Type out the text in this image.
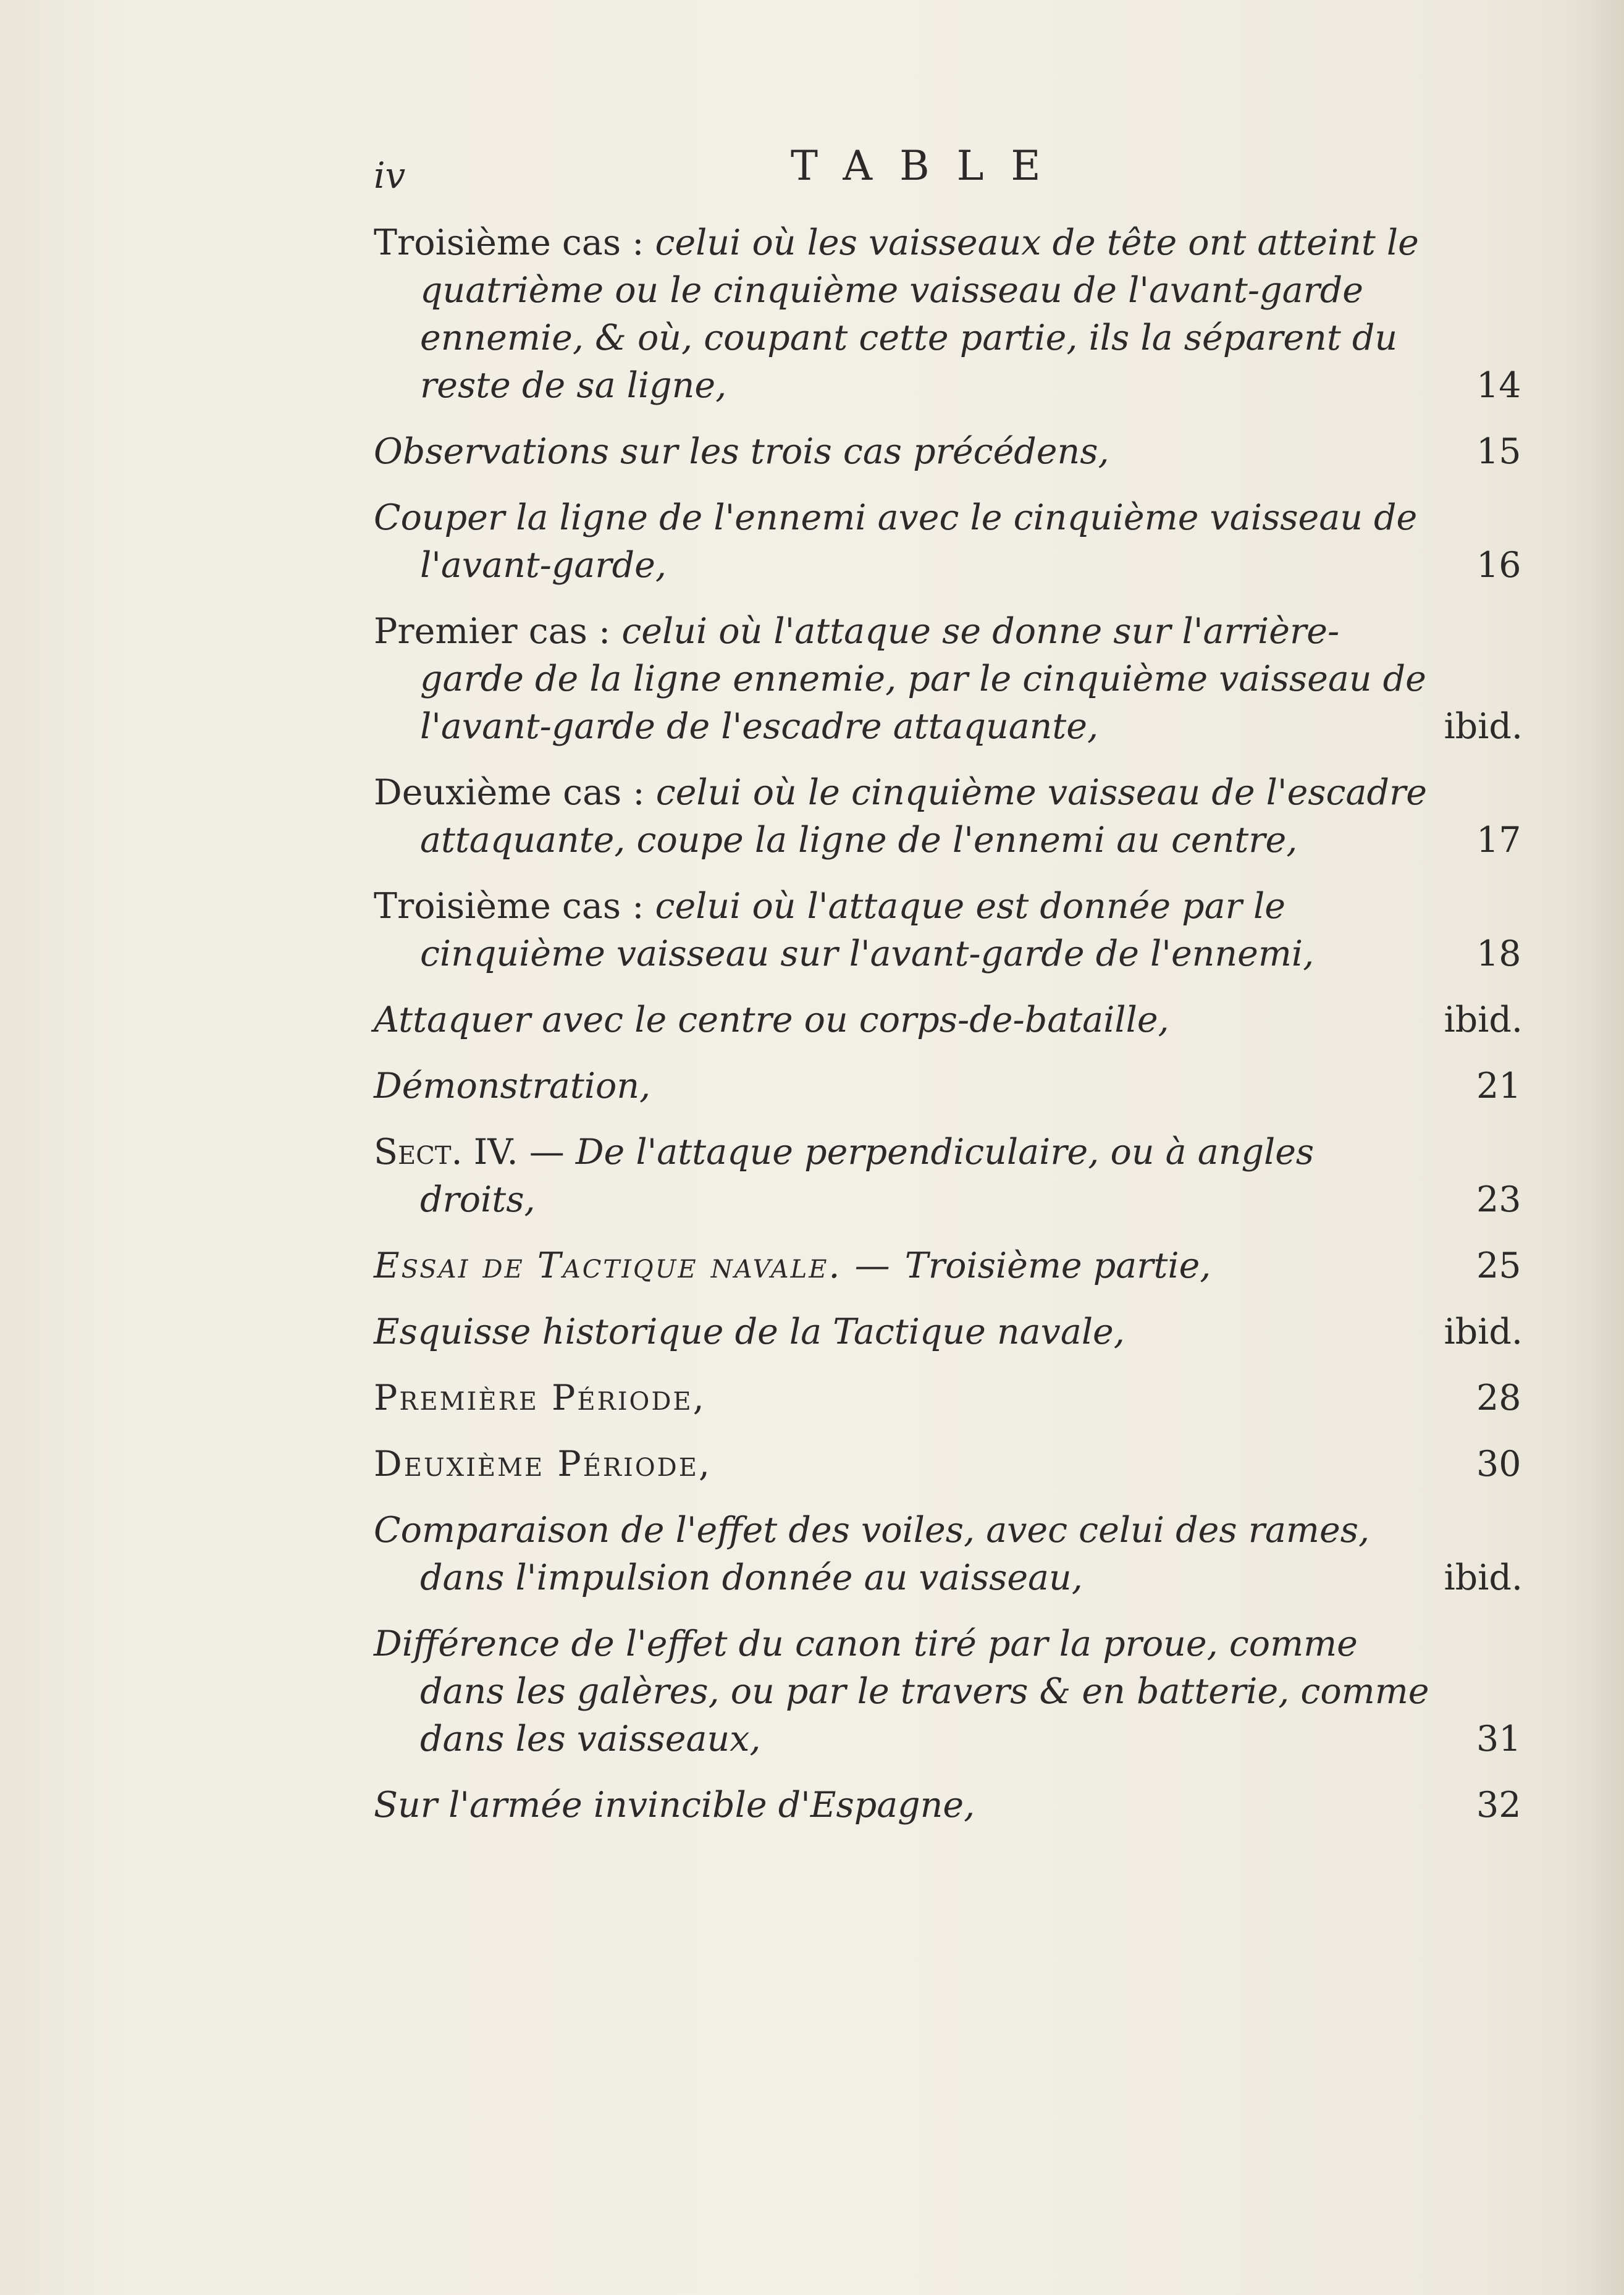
iv	TABLE
Troisième cas : celui où les vaisseaux de tête ont atteint le quatrième ou le cinquième vaisseau de l'avant-garde ennemie, & où, coupant cette partie, ils la séparent du reste de sa ligne,	14
Observations sur les trois cas précédens,	15
Couper la ligne de l'ennemi avec le cinquième vaisseau de l'avant-garde,	16
Premier cas : celui où l'attaque se donne sur l'arrière-garde de la ligne ennemie, par le cinquième vaisseau de l'avant-garde de l'escadre attaquante,	ibid.
Deuxième cas : celui où le cinquième vaisseau de l'escadre attaquante, coupe la ligne de l'ennemi au centre,	17
Troisième cas : celui où l'attaque est donnée par le cinquième vaisseau sur l'avant-garde de l'ennemi,	18
Attaquer avec le centre ou corps-de-bataille,	ibid.
Démonstration,	21
Sect. IV. — De l'attaque perpendiculaire, ou à angles droits,	23
Essai de Tactique navale. — Troisième partie,	25
Esquisse historique de la Tactique navale,	ibid.
Première Période,	28
Deuxième Période,	30
Comparaison de l'effet des voiles, avec celui des rames, dans l'impulsion donnée au vaisseau,	ibid.
Différence de l'effet du canon tiré par la proue, comme dans les galères, ou par le travers & en batterie, comme dans les vaisseaux,	31
Sur l'armée invincible d'Espagne,	32
